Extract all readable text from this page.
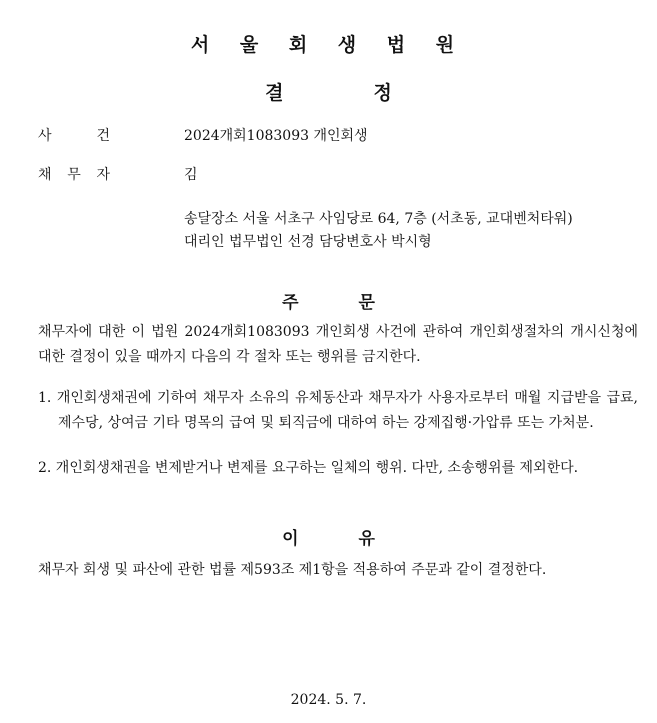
서 울 회 생 법 원
결	정
사	건	2024개회1083093 개인회생
채 무 자	김
송달장소 서울 서초구 사임당로 64, 7층 (서초동, 교대벤처타워)
대리인 법무법인 선경 담당변호사 박시형
주	문
채무자에 대한 이 법원 2024개회1083093 개인회생 사건에 관하여 개인회생절차의 개시신청에 대한 결정이 있을 때까지 다음의 각 절차 또는 행위를 금지한다.
1. 개인회생채권에 기하여 채무자 소유의 유체동산과 채무자가 사용자로부터 매월 지급받을 급료, 제수당, 상여금 기타 명목의 급여 및 퇴직금에 대하여 하는 강제집행·가압류 또는 가처분.
2. 개인회생채권을 변제받거나 변제를 요구하는 일체의 행위. 다만, 소송행위를 제외한다.
이	유
채무자 회생 및 파산에 관한 법률 제593조 제1항을 적용하여 주문과 같이 결정한다.
2024. 5. 7.
